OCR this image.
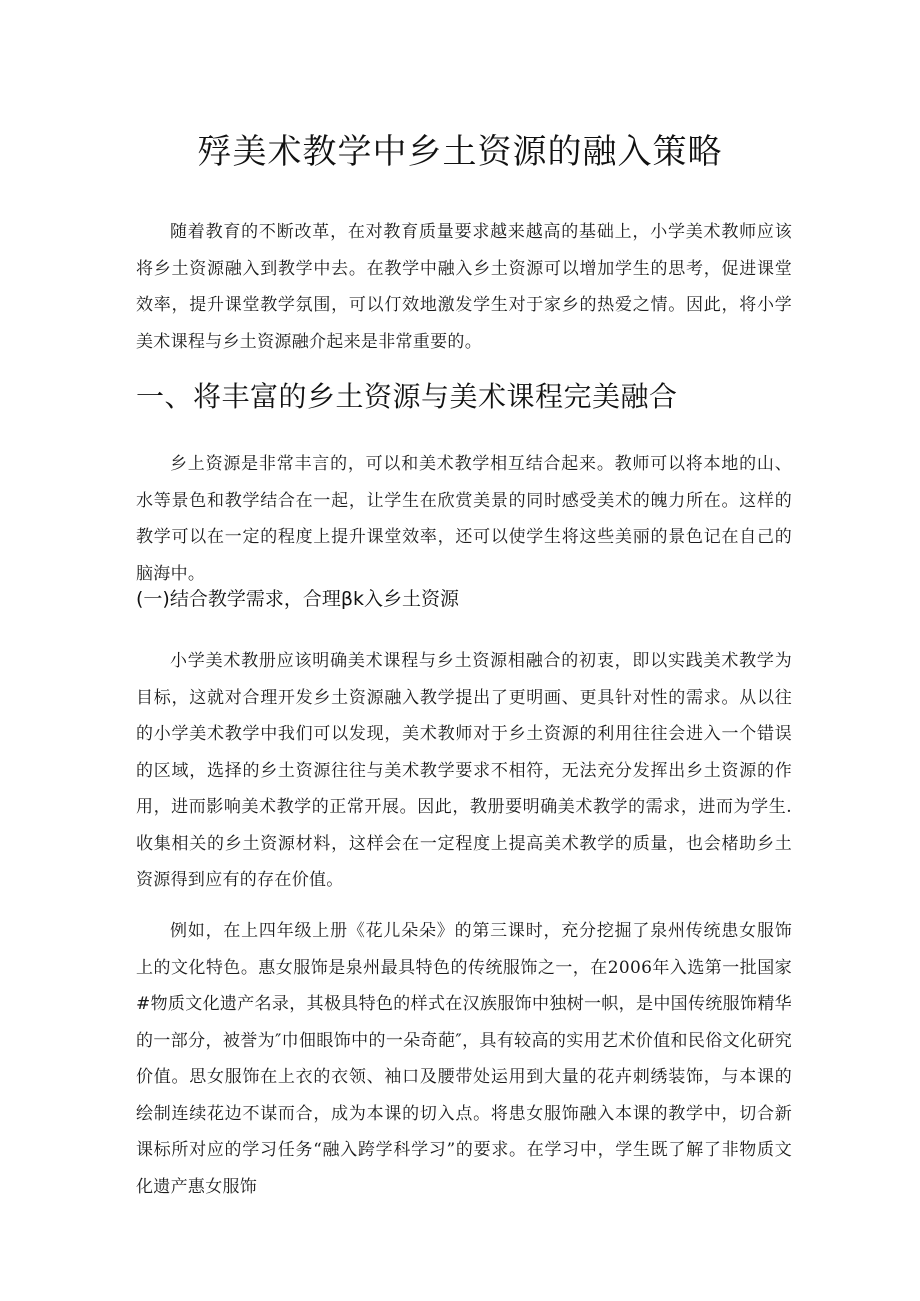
殍美术教学中乡土资源的融入策略

随着教育的不断改革，在对教育质量要求越来越高的基础上，小学美术教师应该将乡土资源融入到教学中去。在教学中融入乡土资源可以增加学生的思考，促进课堂效率，提升课堂教学氛围，可以仃效地激发学生对于家乡的热爱之情。因此，将小学美术课程与乡土资源融介起来是非常重要的。

一、将丰富的乡土资源与美术课程完美融合

乡上资源是非常丰言的，可以和美术教学相互结合起来。教师可以将本地的山、水等景色和教学结合在一起，让学生在欣赏美景的同时感受美术的魄力所在。这样的教学可以在一定的程度上提升课堂效率，还可以使学生将这些美丽的景色记在自己的脑海中。

(一)结合教学需求，合理βk入乡土资源

小学美术教册应该明确美术课程与乡土资源相融合的初衷，即以实践美术教学为目标，这就对合理开发乡土资源融入教学提出了更明画、更具针对性的需求。从以往的小学美术教学中我们可以发现，美术教师对于乡土资源的利用往往会进入一个错误的区域，选择的乡土资源往往与美术教学要求不相符，无法充分发挥出乡土资源的作用，进而影响美术教学的正常开展。因此，教册要明确美术教学的需求，进而为学生.收集相关的乡土资源材料，这样会在一定程度上提高美术教学的质量，也会楮助乡土资源得到应有的存在价值。

例如，在上四年级上册《花儿朵朵》的第三课时，充分挖掘了泉州传统患女服饰上的文化特色。惠女服饰是泉州最具特色的传统服饰之一，在2006年入选第一批国家#物质文化遗产名录，其极具特色的样式在汉族服饰中独树一帜，是中国传统服饰精华的一部分，被誉为″巾佃眼饰中的一朵奇葩″，具有较高的实用艺术价值和民俗文化研究价值。思女服饰在上衣的衣领、袖口及腰带处运用到大量的花卉刺绣装饰，与本课的绘制连续花边不谋而合，成为本课的切入点。将患女服饰融入本课的教学中，切合新课标所对应的学习任务“融入跨学科学习”的要求。在学习中，学生既了解了非物质文化遗产惠女服饰
